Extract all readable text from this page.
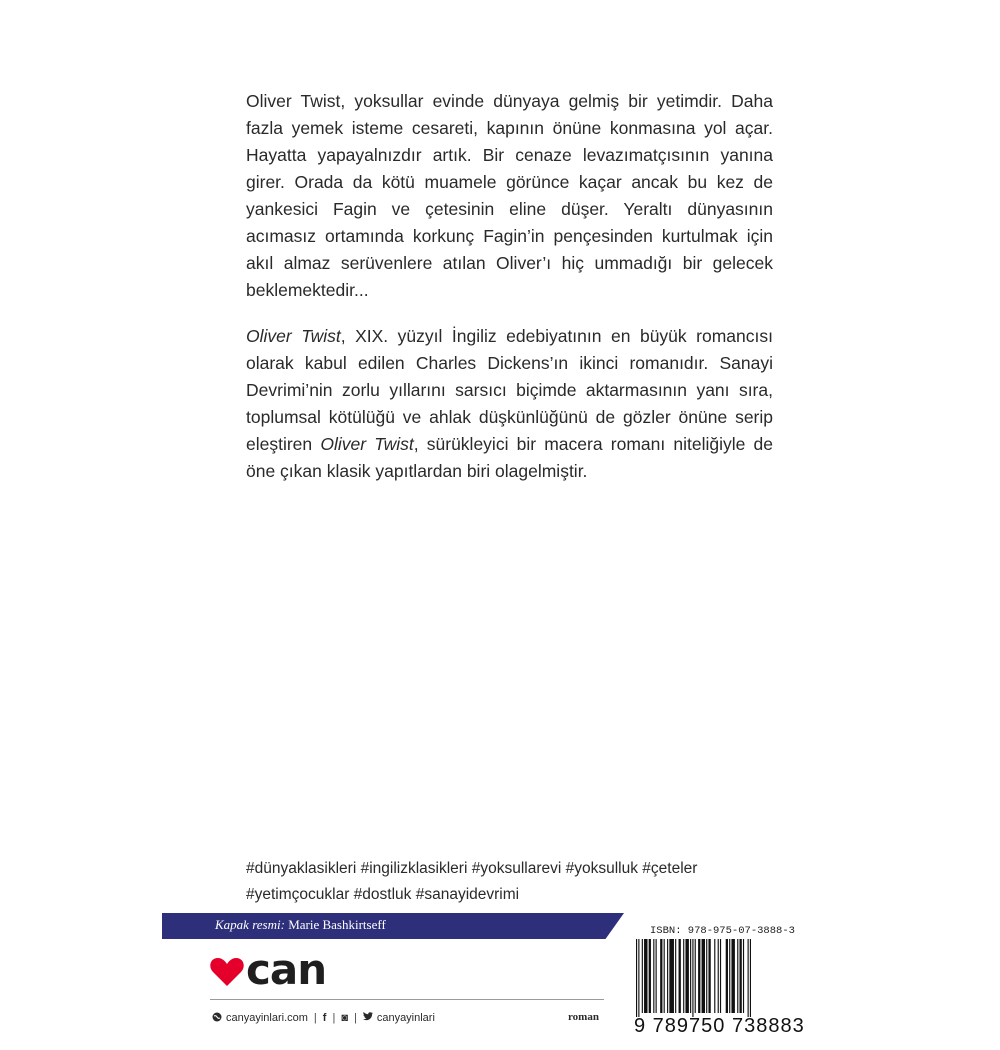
Oliver Twist, yoksullar evinde dünyaya gelmiş bir yetimdir. Daha fazla yemek isteme cesareti, kapının önüne konmasına yol açar. Hayatta yapayalnızdır artık. Bir cenaze levazımatçısının yanına girer. Orada da kötü muamele görünce kaçar ancak bu kez de yankesici Fagin ve çetesinin eline düşer. Yeraltı dünyasının acımasız ortamında korkunç Fagin’in pençesinden kurtulmak için akıl almaz serüvenlere atılan Oliver’ı hiç ummadığı bir gelecek beklemektedir...

Oliver Twist, XIX. yüzyıl İngiliz edebiyatının en büyük romancısı olarak kabul edilen Charles Dickens’ın ikinci romanıdır. Sanayi Devrimi’nin zorlu yıllarını sarsıcı biçimde aktarmasının yanı sıra, toplumsal kötülüğü ve ahlak düşkünlüğünü de gözler önüne serip eleştiren Oliver Twist, sürükleyici bir macera romanı niteliğiyle de öne çıkan klasik yapıtlardan biri olagelmiştir.

#dünyaklasikleri #ingilizklasikleri #yoksullarevi #yoksulluk #çeteler
#yetimçocuklar #dostluk #sanayidevrimi
Kapak resmi: Marie Bashkirtseff
can
canyayinlari.com | f | ◙ | canyayinlari	roman
ISBN: 978-975-07-3888-3
9 789750 738883
